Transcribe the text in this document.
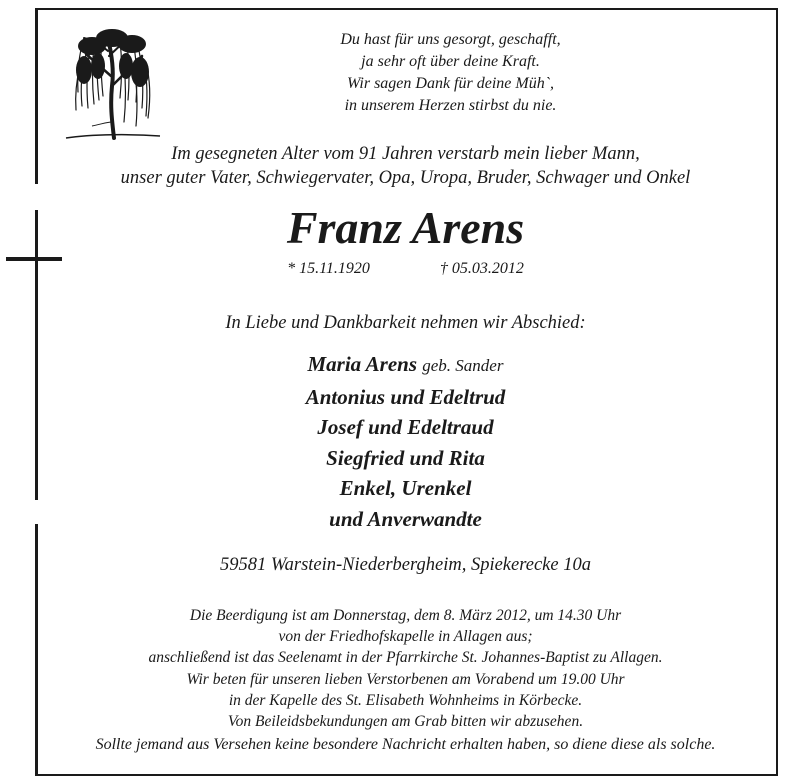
Du hast für uns gesorgt, geschafft,
ja sehr oft über deine Kraft.
Wir sagen Dank für deine Müh`,
in unserem Herzen stirbst du nie.
Im gesegneten Alter vom 91 Jahren verstarb mein lieber Mann,
unser guter Vater, Schwiegervater, Opa, Uropa, Bruder, Schwager und Onkel
Franz Arens
* 15.11.1920	† 05.03.2012
In Liebe und Dankbarkeit nehmen wir Abschied:
Maria Arens geb. Sander
Antonius und Edeltrud
Josef und Edeltraud
Siegfried und Rita
Enkel, Urenkel
und Anverwandte
59581 Warstein-Niederbergheim, Spiekerecke 10a
Die Beerdigung ist am Donnerstag, dem 8. März 2012, um 14.30 Uhr
von der Friedhofskapelle in Allagen aus;
anschließend ist das Seelenamt in der Pfarrkirche St. Johannes-Baptist zu Allagen.
Wir beten für unseren lieben Verstorbenen am Vorabend um 19.00 Uhr
in der Kapelle des St. Elisabeth Wohnheims in Körbecke.
Von Beileidsbekundungen am Grab bitten wir abzusehen.
Sollte jemand aus Versehen keine besondere Nachricht erhalten haben, so diene diese als solche.
